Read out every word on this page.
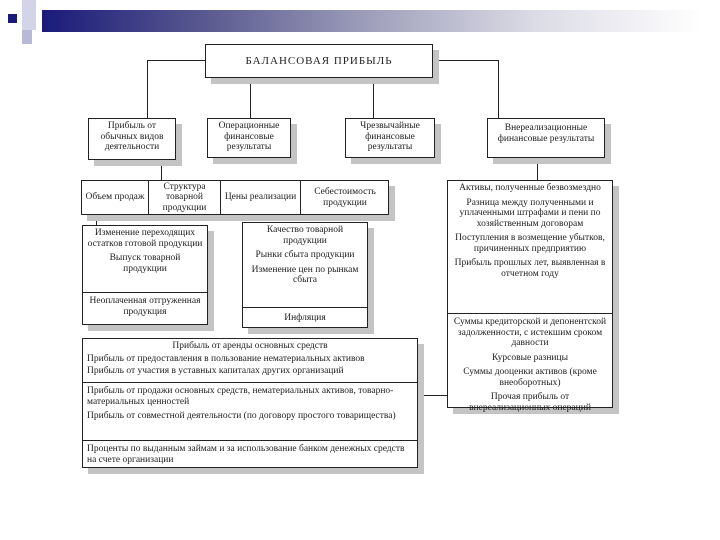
БАЛАНСОВАЯ ПРИБЫЛЬ
Прибыль от обычных видов деятельности
Операционные финансовые результаты
Чрезвычайные финансовые результаты
Внереализационные финансовые результаты
Объем продаж
Структура товарной продукции
Цены реализации
Себестоимость продукции

Изменение переходящих остатков готовой продукции

Выпуск товарной продукции

Неоплаченная отгруженная продукция

Качество товарной продукции

Рынки сбыта продукции

Изменение цен по рынкам сбыта

Инфляция

Прибыль от аренды основных средств

Прибыль от предоставления в пользование нематериальных активов

Прибыль от участия в уставных капиталах других организаций

Прибыль от продажи основных средств, нематериальных активов, товарно-материальных ценностей

Прибыль от совместной деятельности (по договору простого товарищества)

Проценты по выданным займам и за использование банком денежных средств на счете организации

Активы, полученные безвозмездно

Разница между полученными и уплаченными штрафами и пени по хозяйственным договорам

Поступления в возмещение убытков, причиненных предприятию

Прибыль прошлых лет, выявленная в отчетном году

Суммы кредиторской и депонентской задолженности, с истекшим сроком давности

Курсовые разницы

Суммы дооценки активов (кроме внеоборотных)

Прочая прибыль от внереализационных операций
